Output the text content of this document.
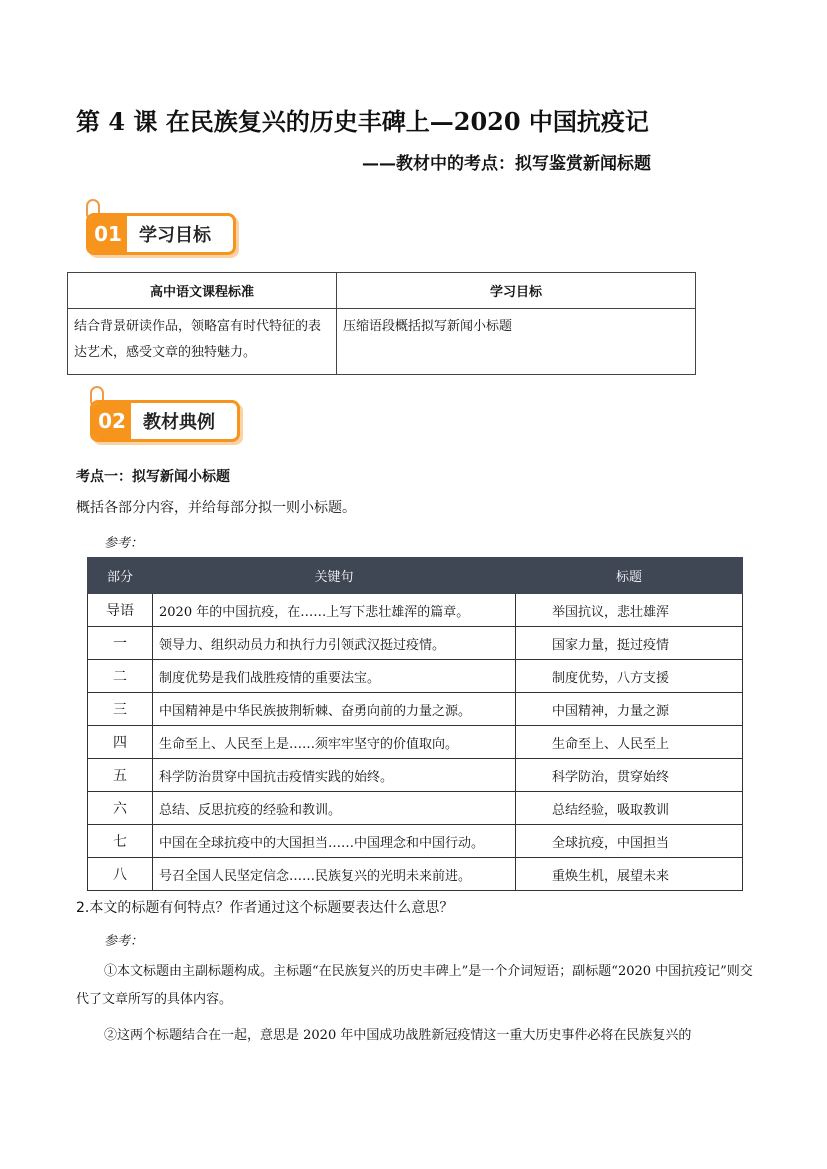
第 4 课 在民族复兴的历史丰碑上—2020 中国抗疫记
——教材中的考点：拟写鉴赏新闻标题
01 学习目标
高中语文课程标准	学习目标
结合背景研读作品，领略富有时代特征的表达艺术，感受文章的独特魅力。	压缩语段概括拟写新闻小标题
02 教材典例
考点一：拟写新闻小标题
概括各部分内容，并给每部分拟一则小标题。
参考：
部分	关键句	标题
导语	2020 年的中国抗疫，在……上写下悲壮雄浑的篇章。	举国抗议，悲壮雄浑
一	领导力、组织动员力和执行力引领武汉挺过疫情。	国家力量，挺过疫情
二	制度优势是我们战胜疫情的重要法宝。	制度优势，八方支援
三	中国精神是中华民族披荆斩棘、奋勇向前的力量之源。	中国精神，力量之源
四	生命至上、人民至上是……须牢牢坚守的价值取向。	生命至上、人民至上
五	科学防治贯穿中国抗击疫情实践的始终。	科学防治，贯穿始终
六	总结、反思抗疫的经验和教训。	总结经验，吸取教训
七	中国在全球抗疫中的大国担当……中国理念和中国行动。	全球抗疫，中国担当
八	号召全国人民坚定信念……民族复兴的光明未来前进。	重焕生机，展望未来
2.本文的标题有何特点？作者通过这个标题要表达什么意思？
参考：
①本文标题由主副标题构成。主标题“在民族复兴的历史丰碑上”是一个介词短语；副标题“2020 中国抗疫记”则交代了文章所写的具体内容。
②这两个标题结合在一起，意思是 2020 年中国成功战胜新冠疫情这一重大历史事件必将在民族复兴的
